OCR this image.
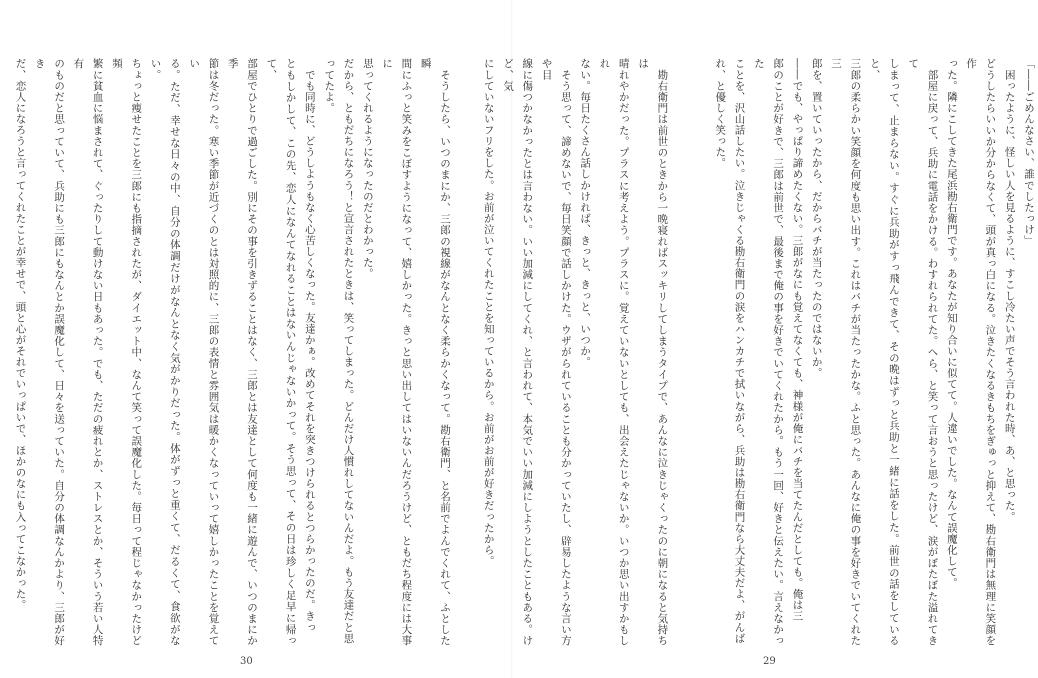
　そうしたら、いつのまにか、三郎の視線がなんとなく柔らかくなって。勘右衛門、と名前でよんでくれて、ふとした瞬
間にふっと笑みをこぼすようになって、嬉しかった。きっと思い出してはいないんだろうけど、ともだち程度には大事に
思ってくれるようになったのだとわかった。
だから、ともだちになろう！と宣言されたときは、笑ってしまった。どんだけ人慣れしてないんだよ。もう友達だと思
ってたよ。
　でも同時に、どうしようもなく心苦しくなった。友達かぁ。改めてそれを突きつけられるとつらかったのだ。きっ
ともしかして、この先、恋人になんてなれることはないんじゃないかって。そう思って、その日は珍しく足早に帰って、
部屋でひとりで過ごした。別にその事を引きずることはなく、三郎とは友達として何度も一緒に遊んで、いつのまにか季
節は冬だった。寒い季節が近づくのとは対照的に、三郎の表情と雰囲気は暖かくなっていって嬉しかったことを覚えてい
る。ただ、幸せな日々の中、自分の体調だけがなんとなく気がかりだった。体がずっと重くて、だるくて、食欲がない。
ちょっと痩せたことを三郎にも指摘されたが、ダイエット中、なんて笑って誤魔化した。毎日って程じゃなかったけど頻
繁に貧血に悩まされて、ぐったりして動けない日もあった。でも、ただの疲れとか、ストレスとか、そういう若い人特有
のものだと思っていて、兵助にも三郎にもなんとか誤魔化して、日々を送っていた。自分の体調なんかより、三郎が好き
だ、恋人になろうと言ってくれたことが幸せで、頭と心がそれでいっぱいで、ほかのなにも入ってこなかった。

30
「――ごめんなさい、誰でしたっけ」
　困ったように、怪しい人を見るように、すこし冷たい声でそう言われた時、あ、と思った。
どうしたらいいか分からなくて、頭が真っ白になる。泣きたくなるきもちをぎゅっと抑えて、勘右衛門は無理に笑顔を作
った。隣にこしてきた尾浜勘右衛門です。あなたが知り合いに似てて。人違いでした。なんて誤魔化して。
　部屋に戻って、兵助に電話をかける。わすれられてた。へら、と笑って言おうと思ったけど、涙がぼたぼた溢れてきて
しまって、止まらない。すぐに兵助がすっ飛んできて、その晩はずっと兵助と一緒に話をした。前世の話をしていると、
三郎の柔らかい笑顔を何度も思い出す。これはバチが当たったかな。ふと思った。あんなに俺の事を好きでいてくれた三
郎を、置いていったから、だからバチが当たったのではないか。
――でも、やっぱり諦めたくない。三郎がなにも覚えてなくても、神様が俺にバチを当てたんだとしても。俺は三
郎のことが好きで、三郎は前世で、最後まで俺の事を好きでいてくれたから。もう一回、好きと伝えたい。言えなかった
ことを、沢山話したい。泣きじゃくる勘右衛門の涙をハンカチで拭いながら、兵助は勘右衛門なら大丈夫だよ、がんば
れ、と優しく笑った。

　勘右衛門は前世のときから一晩寝ればスッキリしてしまうタイプで、あんなに泣きじゃくったのに朝になると気持ちは
晴れやかだった。プラスに考えよう。プラスに。覚えていないとしても、出会えたじゃないか。いつか思い出すかもしれ
ない。毎日たくさん話しかければ、きっと、きっと、いつか。
　そう思って、諦めないで、毎日笑顔で話しかけた。ウザがられていることも分かっていたし、辟易したような言い方や目
線に傷つかなかったとは言わない。いい加減にしてくれ、と言われて、本気でいい加減にしようとしたこともある。けど、気
にしていないフリをした。お前が泣いてくれたことを知っているから。お前がお前が好きだったから。
29
